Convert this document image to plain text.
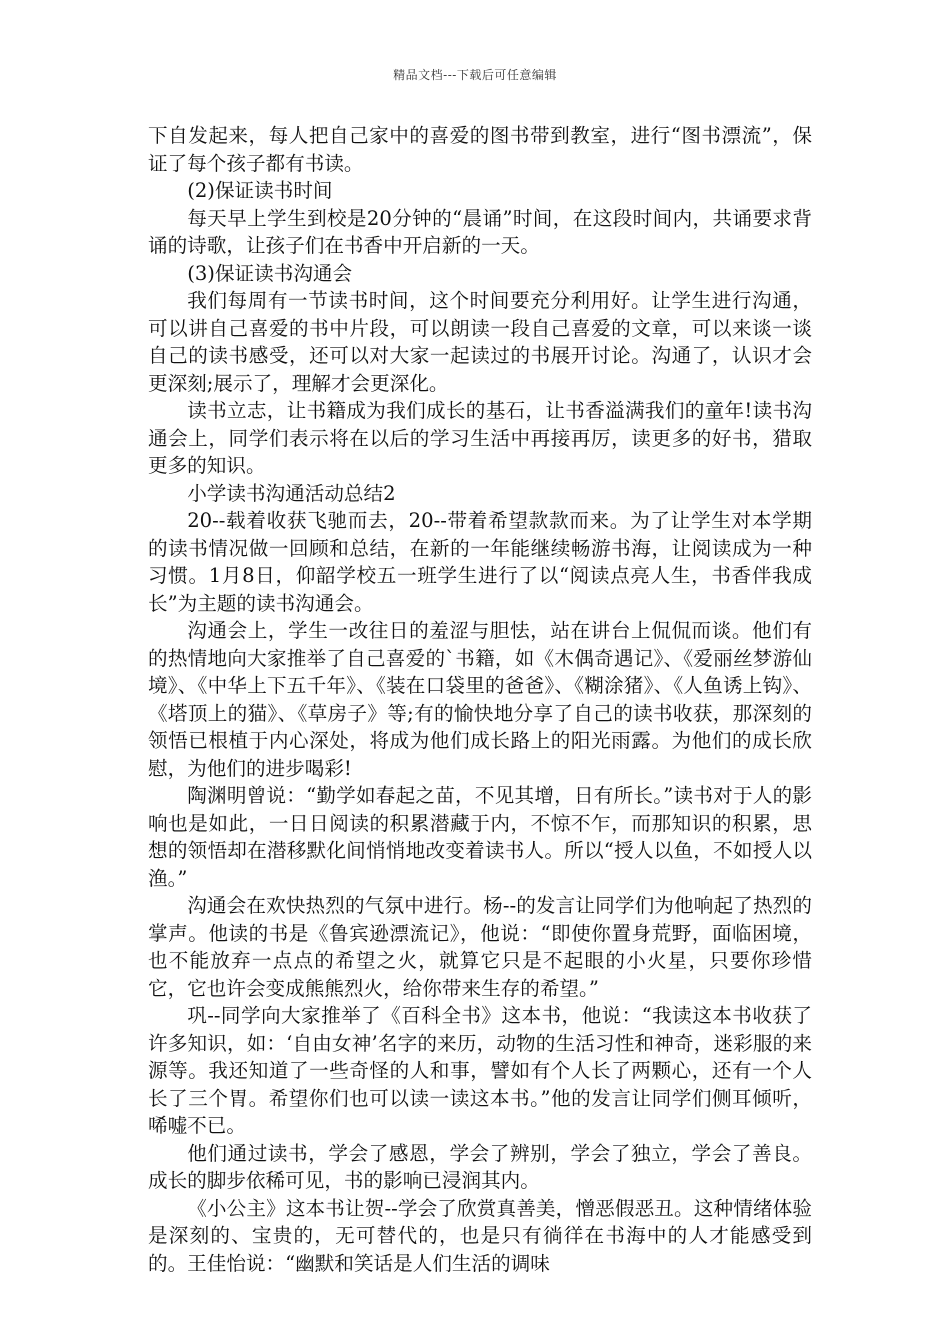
精品文档---下载后可任意编辑

下自发起来，每人把自己家中的喜爱的图书带到教室，进行“图书漂流”，保证了每个孩子都有书读。

(2)保证读书时间

每天早上学生到校是20分钟的“晨诵”时间，在这段时间内，共诵要求背诵的诗歌，让孩子们在书香中开启新的一天。

(3)保证读书沟通会

我们每周有一节读书时间，这个时间要充分利用好。让学生进行沟通，可以讲自己喜爱的书中片段，可以朗读一段自己喜爱的文章，可以来谈一谈自己的读书感受，还可以对大家一起读过的书展开讨论。沟通了，认识才会更深刻;展示了，理解才会更深化。

读书立志，让书籍成为我们成长的基石，让书香溢满我们的童年!读书沟通会上，同学们表示将在以后的学习生活中再接再厉，读更多的好书，猎取更多的知识。

小学读书沟通活动总结2

20--载着收获飞驰而去，20--带着希望款款而来。为了让学生对本学期的读书情况做一回顾和总结，在新的一年能继续畅游书海，让阅读成为一种习惯。1月8日，仰韶学校五一班学生进行了以“阅读点亮人生，书香伴我成长”为主题的读书沟通会。

沟通会上，学生一改往日的羞涩与胆怯，站在讲台上侃侃而谈。他们有的热情地向大家推举了自己喜爱的`书籍，如《木偶奇遇记》、《爱丽丝梦游仙境》、《中华上下五千年》、《装在口袋里的爸爸》、《糊涂猪》、《人鱼诱上钩》、《塔顶上的猫》、《草房子》等;有的愉快地分享了自己的读书收获，那深刻的领悟已根植于内心深处，将成为他们成长路上的阳光雨露。为他们的成长欣慰，为他们的进步喝彩!

陶渊明曾说：“勤学如春起之苗，不见其增，日有所长。”读书对于人的影响也是如此，一日日阅读的积累潜藏于内，不惊不乍，而那知识的积累，思想的领悟却在潜移默化间悄悄地改变着读书人。所以“授人以鱼，不如授人以渔。”

沟通会在欢快热烈的气氛中进行。杨--的发言让同学们为他响起了热烈的掌声。他读的书是《鲁宾逊漂流记》，他说：“即使你置身荒野，面临困境，也不能放弃一点点的希望之火，就算它只是不起眼的小火星，只要你珍惜它，它也许会变成熊熊烈火，给你带来生存的希望。”

巩--同学向大家推举了《百科全书》这本书，他说：“我读这本书收获了许多知识，如：‘自由女神’名字的来历，动物的生活习性和神奇，迷彩服的来源等。我还知道了一些奇怪的人和事，譬如有个人长了两颗心，还有一个人长了三个胃。希望你们也可以读一读这本书。”他的发言让同学们侧耳倾听，唏嘘不已。

他们通过读书，学会了感恩，学会了辨别，学会了独立，学会了善良。成长的脚步依稀可见，书的影响已浸润其内。

《小公主》这本书让贺--学会了欣赏真善美，憎恶假恶丑。这种情绪体验是深刻的、宝贵的，无可替代的，也是只有徜徉在书海中的人才能感受到的。王佳怡说：“幽默和笑话是人们生活的调味
